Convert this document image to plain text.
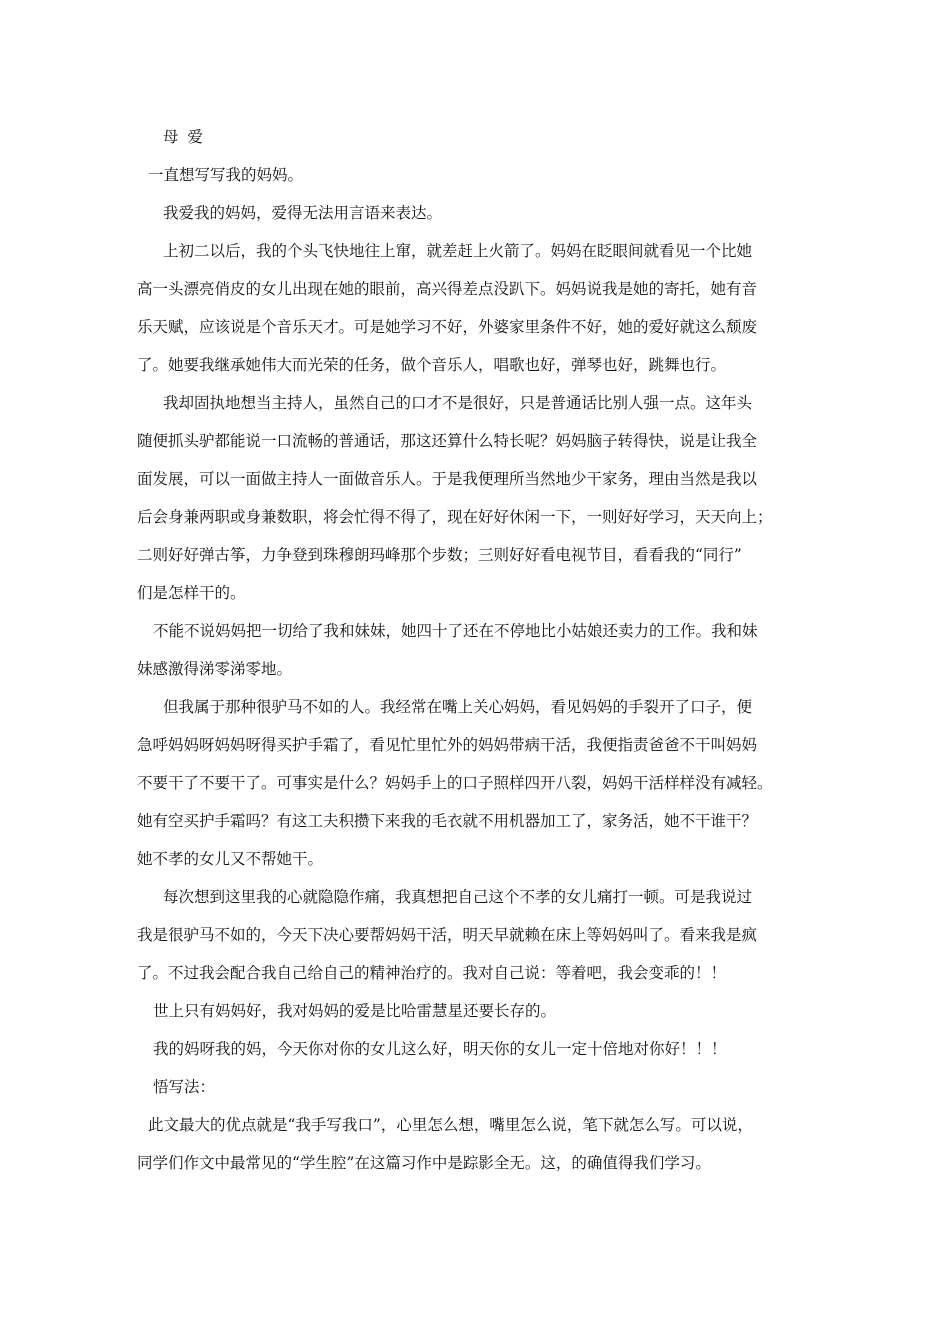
母 爱
一直想写写我的妈妈。
我爱我的妈妈，爱得无法用言语来表达。
上初二以后，我的个头飞快地往上窜，就差赶上火箭了。妈妈在眨眼间就看见一个比她
高一头漂亮俏皮的女儿出现在她的眼前，高兴得差点没趴下。妈妈说我是她的寄托，她有音
乐天赋，应该说是个音乐天才。可是她学习不好，外婆家里条件不好，她的爱好就这么颓废
了。她要我继承她伟大而光荣的任务，做个音乐人，唱歌也好，弹琴也好，跳舞也行。
我却固执地想当主持人，虽然自己的口才不是很好，只是普通话比别人强一点。这年头
随便抓头驴都能说一口流畅的普通话，那这还算什么特长呢？妈妈脑子转得快，说是让我全
面发展，可以一面做主持人一面做音乐人。于是我便理所当然地少干家务，理由当然是我以
后会身兼两职或身兼数职，将会忙得不得了，现在好好休闲一下，一则好好学习，天天向上；
二则好好弹古筝，力争登到珠穆朗玛峰那个步数；三则好好看电视节目，看看我的“同行”
们是怎样干的。
不能不说妈妈把一切给了我和妹妹，她四十了还在不停地比小姑娘还卖力的工作。我和妹
妹感激得涕零涕零地。
但我属于那种很驴马不如的人。我经常在嘴上关心妈妈，看见妈妈的手裂开了口子，便
急呼妈妈呀妈妈呀得买护手霜了，看见忙里忙外的妈妈带病干活，我便指责爸爸不干叫妈妈
不要干了不要干了。可事实是什么？妈妈手上的口子照样四开八裂，妈妈干活样样没有减轻。
她有空买护手霜吗？有这工夫积攒下来我的毛衣就不用机器加工了，家务活，她不干谁干？
她不孝的女儿又不帮她干。
每次想到这里我的心就隐隐作痛，我真想把自己这个不孝的女儿痛打一顿。可是我说过
我是很驴马不如的，今天下决心要帮妈妈干活，明天早就赖在床上等妈妈叫了。看来我是疯
了。不过我会配合我自己给自己的精神治疗的。我对自己说：等着吧，我会变乖的！！
世上只有妈妈好，我对妈妈的爱是比哈雷慧星还要长存的。
我的妈呀我的妈，今天你对你的女儿这么好，明天你的女儿一定十倍地对你好！！！
悟写法：
此文最大的优点就是“我手写我口”，心里怎么想，嘴里怎么说，笔下就怎么写。可以说，
同学们作文中最常见的“学生腔”在这篇习作中是踪影全无。这，的确值得我们学习。
